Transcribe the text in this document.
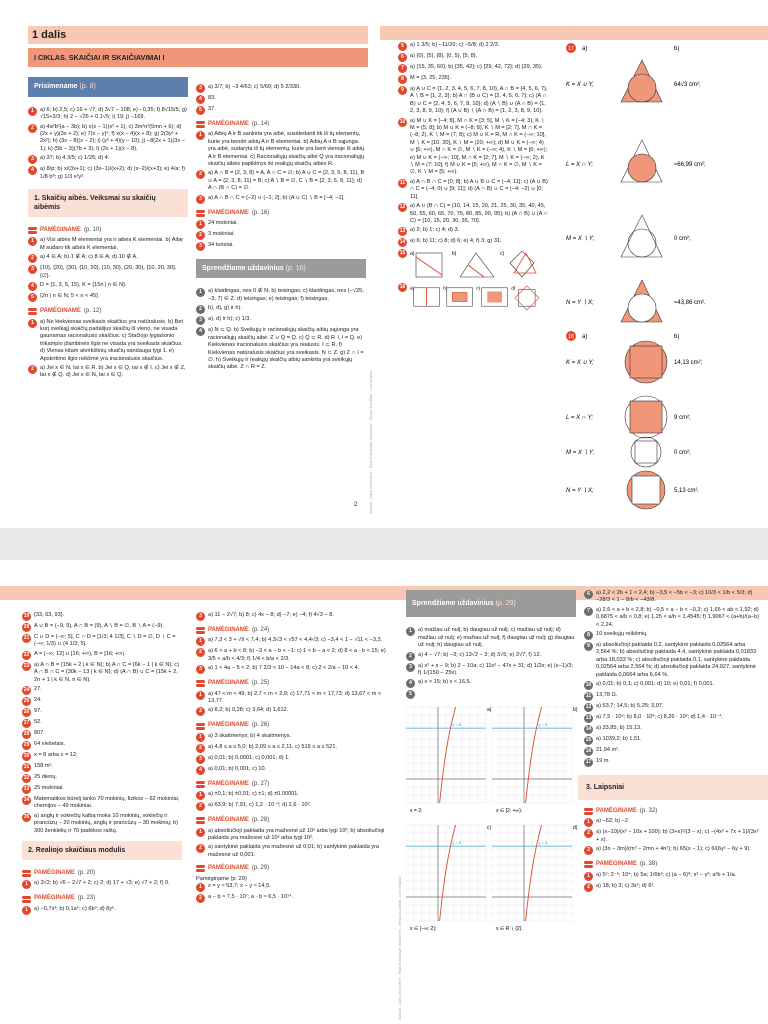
Autoriai - Dalia Zebroviené - Rasa Kukulskyte-Skuodiené - Nerijus Kuruštas - Lino leidykla
2
1 dalis
I CIKLAS. SKAIČIAI IR SKAIČIAVIMAI I
Prisimename (p. 8)
1	a) 6; b) 2,5; c) 16 + √7; d) 3√7 − 108; e) −0,35; f) 8√15/5; g) √15+3/3; h) 2 − √26 + 0,1√5; i) 19; j) −169.
2	a) 4a²b²(a − 3b); b) x(x − 1)(x² + 1); c) 3m²n³(5mn + 6); d) (2x + y)(3x + 2); e) 7(x − y)²; f) x(x − 4)(x + 8); g) 2(3y² + 2x²); h) (3x − 8)(x − 2); i) (y² + 4)(y − 10); j) −8(2x + 1)(3x − 1); k) (5b − 3)(7b + 3); l) (2x + 1)(x − 8).
3	a) 37; b) 4 3/5; c) 1/25; d) 4.
4	a) 8/p; b) x/(3x+1); c) (3x−1)/(x+2); d) (x−2)/(x+3); e) 4/a; f) 1/8 b⁸; g) 1/3 x²y².
1. Skaičių aibės. Veiksmai su skaičių aibėmis
PAMĖGINAME (p. 10)
1	a) Visi aibės M elementai yra ir aibės K elementai. b) Aibę M sudaro tik aibės K elementai.
2	a) 4 ∈ A; b) 1 ∉ A; c) 8 ∈ A; d) 10 ∉ A.
3	{10}, {20}, {30}, {10, 20}, {10, 30}, {20, 30}, {10, 20, 30}, {∅}.
4	D = {1, 3, 5, 15}, K = {15n | n ∈ N}.
5	{2n | n ∈ N, 5 < n < 45}.
PAMĖGINAME (p. 12)
1	a) Ne kiekvienas sveikasis skaičius yra natūralusis. b) Bet kurį sveikąjį skaičių padalijus skaičių iš vieno, ne visada gaunamas racionalusis skaičius. c) Stačiojo lygiašonio trikampio įžambinės ilgis ne visada yra sveikasis skaičius. d) Vienas kitam atvirkštinių skaičių sandauga lygi 1. e) Apskritimo ilgio reikšmė yra iracionalusis skaičius.
2	a) Jei x ∈ N, tai x ∈ R. b) Jei x ∈ Q, tai x ∉ I. c) Jei x ∉ Z, tai x ∉ Q. d) Jei x ∈ N, tai x ∈ Q.
3	a) 3/7; b) −3 4/63; c) 5/60; d) 5 2/330.
4	83.
5	37.
PAMĖGINAME (p. 14)
1	a) Aibių A ir B sankirta yra aibė, susidedanti tik iš tų elementų, kurie yra bendri aibių A ir B elementai. b) Aibių A ir B sąjunga yra aibė, sudaryta iš tų elementų, kurie yra bent vienoje iš aibių A ir B elementai. c) Racionaliųjų skaičių aibė Q yra iracionaliųjų skaičių aibės papildinys iki realiųjų skaičių aibės R.
2	a) A ∩ B = {2, 3, 8} = A, A ∩ C = ∅; b) A ∪ C = {2, 3, 5, 8, 11}, B ∪ A = {2, 3, 8, 11} = B; c) A ∖ B = ∅, C ∖ B = {2, 3, 5, 8, 11}; d) A ∩ (B ∩ C) = ∅.
3	a) A ∩ B ∩ C = {−2} ∪ (−1; 2]; b) (A ∪ C) ∖ B = [−4; −1].
PAMĖGINAME (p. 16)
1	24 mokiniai.
2	3 mokiniai.
3	34 turistai.
Sprendžiame uždavinius (p. 16)
1	a) klaidingas, nes 0 ∉ N; b) teisingas; c) klaidingas, nes (−√25; −3, 7) ∈ Z. d) teisingas; e) teisingas; f) teisingas.
2	b), d), g) ir h).
3	a), d) ir h); c) 1/3.
4	a) N ⊂ Q. b) Sveikųjų ir racionaliųjų skaičių aibių sąjunga yra racionaliųjų skaičių aibė. Z ∪ Q = Q. c) Q ⊂ R. d) R ∖ I = Q. e) Kiekvienas iracionalusis skaičius yra realusis. I ⊂ R. f) Kiekvienas natūralusis skaičius yra sveikasis. N ⊂ Z. g) Z ∩ I = ∅. h) Sveikųjų ir realiųjų skaičių aibių sankirta yra sveikųjų skaičių aibė. Z ∩ R = Z.
5	a) 1 3/5; b) −11/20; c) −5/8; d) 2 2/3.
6	a) {0}, {5}, {8}, {0, 5}, {5, 8}.
7	a) {15, 35, 60}; b) {35, 42}; c) {29, 42, 72}; d) {29, 35}.
8	M = {3, 25, 235}.
9	a) A ∪ C = {1, 2, 3, 4, 5, 6, 7, 8, 10}, A ∩ B = {4, 5, 6, 7}, A ∖ B = {1, 2, 3}; b) A ∩ (B ∪ C) = {2, 4, 5, 6, 7}; c) (A ∩ B) ∪ C = {2, 4, 5, 6, 7, 8, 10}; d) (A ∖ B) ∪ (A ∩ B) = {1, 2, 3, 8, 9, 10}; f) (A ∪ B) ∖ (A ∩ B) = {1, 2, 3, 8, 9, 10}.
10 a) M ∪ K = [−4; 8], M ∩ K = [3; 5], M ∖ K = [−4; 3), K ∖ M = (5; 8]; b) M ∪ K = (−8; 8), K ∖ M = [2; 7], M ∩ K = (−8; 2), K ∖ M = (7; 8); c) M ∪ K = R, M ∩ K = (−∞; 10], M ∖ K = [10, 20], K ∖ M = (20; +∞); d) M ∪ K = (−∞; 4) ∪ [6; +∞), M ∩ K = ∅, M ∖ K = (−∞; 4), K ∖ M = [6; +∞); e) M ∪ K = (−∞; 10], M ∩ K = [2; 7], M ∖ K = (−∞; 2), K ∖ M = (7; 10]; f) M ∪ K = [5; +∞), M ∩ K = ∅, M ∖ K = ∅, K ∖ M = [5; +∞).
11 a) A ∩ B ∩ C = [0; 8]; b) A ∪ B ∪ C = (−4; 11]; c) (A ∪ B) ∩ C = (−4; 0) ∪ [9; 11]; d) (A ∩ B) ∪ C = (−4; −2) ∪ [0; 11].
12 a) A ∪ (B ∩ C) = {10, 14, 15, 20, 21, 25, 30, 35, 40, 45, 50, 55, 60, 65, 70, 75, 80, 85, 90, 95}; b) (A ∩ B) ∪ (A ∩ C) = {10, 15, 20, 30, 35, 70}.
13 a) 2; b) 1; c) 4; d) 3.
14 a) 6; b) 11; c) 8; d) 6; e) 4; f) 3; g) 31.
15 a)	b)	c)
16 a)	b)	c)	d)
17 a)	b)
K = X ∪ Y;	64√3 cm²;
L = X ∩ Y;	≈66,99 cm²;
M = X ∖ Y;	0 cm²;
N = Y ∖ X;	≈43,86 cm².
18 a)	b)
K = X ∪ Y;	14,13 cm²;
L = X ∩ Y;	9 cm²;
M = X ∖ Y;	0 cm²;
N = Y ∖ X;	5,13 cm².
Autoriai - Dalia Zebroviené - Rasa Kukulskyte-Skuodiené - Nerijus Kuruštas - Lino leidykla
19 {33, 63, 93}.
20 A ∪ B = (−9, 9), A ∩ B = (9), A ∖ B = ∅, B ∖ A = (−9).
21 C ∪ D = (−∞; 5], C ∩ D = [1/3; 4 1/3], C ∖ D = ∅, D ∖ C = (−∞; 1/3) ∪ (4 1/3; 5].
22 A = (−∞; 12] ∪ [16; +∞), B = [16; +∞).
23 a) A ∩ B = {15k + 2 | k ∈ N}; b) A ∩ C = {6k − 1 | k ∈ N}; c) A ∩ B ∩ C = {30k − 13 | k ∈ N}; d) (A ∩ B) ∪ C = {15k + 2, 2n + 1 | k ∈ N, n ∈ N}.
24 27.
25 24.
26 97.
27 52.
28 807.
29 64 viešetais.
30 x = 8 arba x = 12;
31 158 m².
32 25 dienų.
33 25 mokiniai.
34 Matematikos būrelį lanko 70 mokinių, fizikos − 62 mokiniai, chemijos − 49 mokiniai.
35 a) anglų ir vokiečių kalbą moka 10 mokinių, vokiečių ir prancūzų − 20 mokinių, anglų ir prancūzų − 30 mokinių; b) 300 ženklelių ir 70 padėkos raštų.
2. Realiojo skaičiaus modulis
PAMĖGINAME (p. 20)
1	a) 3√2; b) √6 − 2√7 + 2; c) 2; d) 17 + √3; e) √7 + 2; f) 0.
PAMĖGINAME (p. 23)
1	a) −0,7x³; b) 0,1a⁵; c) 6b³; d) 8y⁶.
3	a) 11 − 2√7; b) 8; c) 4x − 8; d) −7; e) −4; f) 4√3 − 8.
PAMĖGINAME (p. 24)
1	a) 7,3 < 3 + √9 < 7,4; b) 4,3√3 < √57 < 4,4√3; c) −3,4 < 1 − √11 < −3,3.
2	a) 6 < a + b < 8; b) −3 < a − b < −1; c) 1 < b − a < 2; d) 8 < a · b < 15; e) 3/5 < a/b < 4/3; f) 1/4 < b/a < 2/3.
3	a) 1 < 4a − 5 < 2; b) 7 2/3 < 10 − 14a < 8; c) 2 < 2/a − 10 < 4.
PAMĖGINAME (p. 25)
1	a) 47 < m < 49; b) 2,7 < m < 2,9; c) 17,71 < m < 17,73; d) 13,67 < m < 13,77.
2	a) 8,2; b) 0,28; c) 3,64; d) 1,612.
PAMĖGINAME (p. 26)
1	a) 3 skaitmenys; b) 4 skaitmenys.
2	a) 4,8 ≤ a ≤ 5,0; b) 2,09 ≤ a ≤ 2,11; c) 519 ≤ a ≤ 521.
3	a) 0,01; b) 0,0001; c) 0,001; d) 1.
4	a) 0,01; b) 0,001; c) 10.
PAMĖGINAME (p. 27)
1	a) ±0,1; b) ±0,01; c) ±1; d) ±0,00001.
2	a) 63,9; b) 7,91; c) 1,2 · 10⁻³; d) 2,6 · 10².
PAMĖGINAME (p. 28)
1	a) absoliučioji paklaida yra mažesnė už 10² arba lygi 10²; b) absoliučioji paklaida yra mažesnė už 10² arba lygi 10².
2	a) santykinė paklaida yra mažesnė už 0,01; b) santykinė paklaida yra mažesnė už 0,001.
PAMĖGINAME (p. 29)
Pamėginame (p. 29)
1	x = y ≈ 53,7; x − y ≈ 14,5.
2	a − b ≈ 7,5 · 10⁷; a · b ≈ 6,5 · 10¹⁴.
Sprendžiame uždavinius (p. 29)
1	a) mažiau už nulį; b) daugiau už nulį; c) mažiau už nulį; d) mažiau už nulį; e) mažiau už nulį; f) daugiau už nulį; g) daugiau už nulį; h) daugiau už nulį.
2	a) 4 − √7; b) −3; c) 13√2 − 3; d) 3√5; e) 2√7; f) 12.
3	a) x² + x − 9; b) 2 − 10a; c) 11x² − 47x + 31; d) 1/2x; e) (x−1)/3; f) 1/(150 − 25x).
4	a) x > 15; b) x < 16,5.
5
y = 8
a)
x = 2;
y = 8
b)
x ∈ [2; +∞);
y = 8
c)
x ∈ (−∞; 2);
y = 8
d)
x ∈ R ∖ {2}.
6	a) 2,2 < 2b + 1 < 2,4; b) −3,5 < −5b < −3; c) 10/3 < 1/b < 5/3; d) −28/3 < 1 − 8/b < −43/8.
7	a) 2,6 < a + b < 2,8; b) −0,5 < a − b < −0,3; c) 1,65 < ab < 1,92; d) 0,6875 < a/b < 0,8; e) 1,25 < a/b < 1,4545; f) 1,9067 < (a+b)/(a−b) < 2,24.
8	10 sveikųjų reikšmių.
9	a) absoliučioji paklaida 0,2, santykinė paklaida 0,02564 arba 2,564 %; b) absoliučioji paklaida 4,4, santykinė paklaida 0,01833 arba 18,033 %; c) absoliučioji paklaida 0,1, santykinė paklaida 0,02564 arba 2,564 %; d) absoliučioji paklaida 24,927, santykinė paklaida 0,0664 arba 6,64 %.
10 a) 0,01; b) 0,1; c) 0,001; d) 10; e) 0,01; f) 0,001.
11 13,78 Ω.
12 a) 53,7; 14,5; b) 5,25; 3,07.
13 a) 7,5 · 10⁵; b) 8,0 · 10³; c) 8,26 · 10²; d) 1,4 · 10⁻⁴.
14 a) 33,85; b) 15,13.
15 a) 1039,2; b) 1,51.
16 21,94 m².
17 19 m.
3. Laipsniai
PAMĖGINAME (p. 32)
1	a) −62; b) −2
2	a) (x−10)/(x² − 10x + 100); b) (3+x)²/(3 − x); c) −(4x² + 7x + 1)/(3x² + x).
3	a) (3n − 3m)/(m³ − 2mn + 4n²); b) 65(x − 1); c) 6/(6y² − 6y + 9).
PAMĖGINAME (p. 38)
1	a) 5²; 2⁻⁶; 10⁴; b) 5a; 1/6b³; c) (a − 6)⁸; x³ − y²; a²b + 1/a.
2	a) 18; b) 3; c) 3x²; d) 6².
